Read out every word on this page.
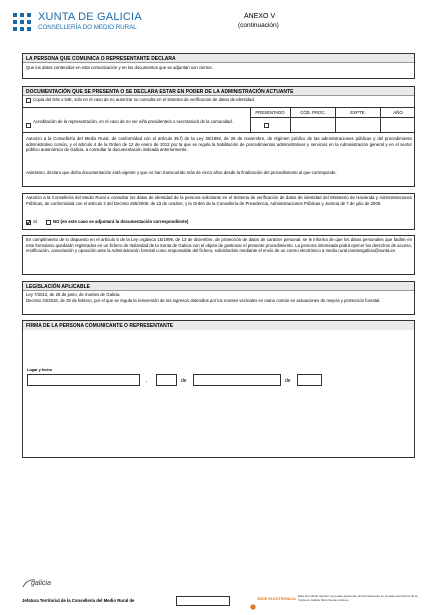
XUNTA DE GALICIA
CONSELLERÍA DO MEDIO RURAL
ANEXO V
(continuación)
LA PERSONA QUE COMUNICA O REPRESENTANTE DECLARA
Que los datos contenidos en esta comunicación y en los documentos que se adjuntan son ciertos.
DOCUMENTACIÓN QUE SE PRESENTA O SE DECLARA ESTAR EN PODER DE LA ADMINISTRACIÓN ACTUANTE
Copia del DNI o NIE, sólo en el caso de no autorizar su consulta en el Sistema de verificación de datos de identidad.
PRESENTADO	CÓD. PROC.	EXPTE.	AÑO
Acreditación de la representación, en el caso de no ser el/la presidente/a o secretario/a de la comunidad.
Autorizo a la Consellería del Medio Rural, de conformidad con el artículo 35.f) de la Ley 30/1992, de 26 de noviembre, de régimen jurídico de las administraciones públicas y del procedimiento administrativo común, y el artículo 4 de la Orden de 12 de enero de 2012 por la que se regula la habilitación de procedimientos administrativos y servicios en la Administración general y en el sector público autonómico de Galicia, a consultar la documentación indicada anteriormente.
Asimismo, declaro que dicha documentación está vigente y que no han transcurrido más de cinco años desde la finalización del procedimiento al que corresponde.
Autorizo a la Consellería del Medio Rural a consultar los datos de identidad de la persona solicitante en el Sistema de verificación de datos de identidad del Ministerio de Hacienda y Administraciones Públicas, de conformidad con el artículo 2 del Decreto 255/2008, de 23 de octubre, y la Orden de la Consellería de Presidencia, Administraciones Públicas y Justicia de 7 de julio de 2009.
SÍ	NO (en este caso se adjuntará la documentación correspondiente)
En cumplimiento de lo dispuesto en el artículo 5 de la Ley orgánica 15/1999, de 13 de diciembre, de protección de datos de carácter personal, se le informa de que los datos personales que facilite en este formulario quedarán registrados en un fichero de titularidad de la Xunta de Galicia con el objeto de gestionar el presente procedimiento. La persona interesada podrá ejercer los derechos de acceso, rectificación, cancelación y oposición ante la Administración forestal como responsable del fichero, solicitándolo mediante el envío de un correo electrónico a medio.rural.montesgalicia@xunta.es
LEGISLACIÓN APLICABLE
Ley 7/2012, de 28 de junio, de montes de Galicia.
Decreto 23/2016, de 25 de febrero, por el que se regula la reinversión de los ingresos obtenidos por los montes vecinales en mano común en actuaciones de mejora y protección forestal.
FIRMA DE LA PERSONA COMUNICANTE O REPRESENTANTE
Lugar y fecha
,	de	de
galicia
Jefatura Territorial de la Consellería del Medio Rural de	SEDE ELECTRÓNICA
Este formulario también se puede presentar electrónicamente en la sede electrónica de la Xunta de Galicia https://sede.xunta.es
